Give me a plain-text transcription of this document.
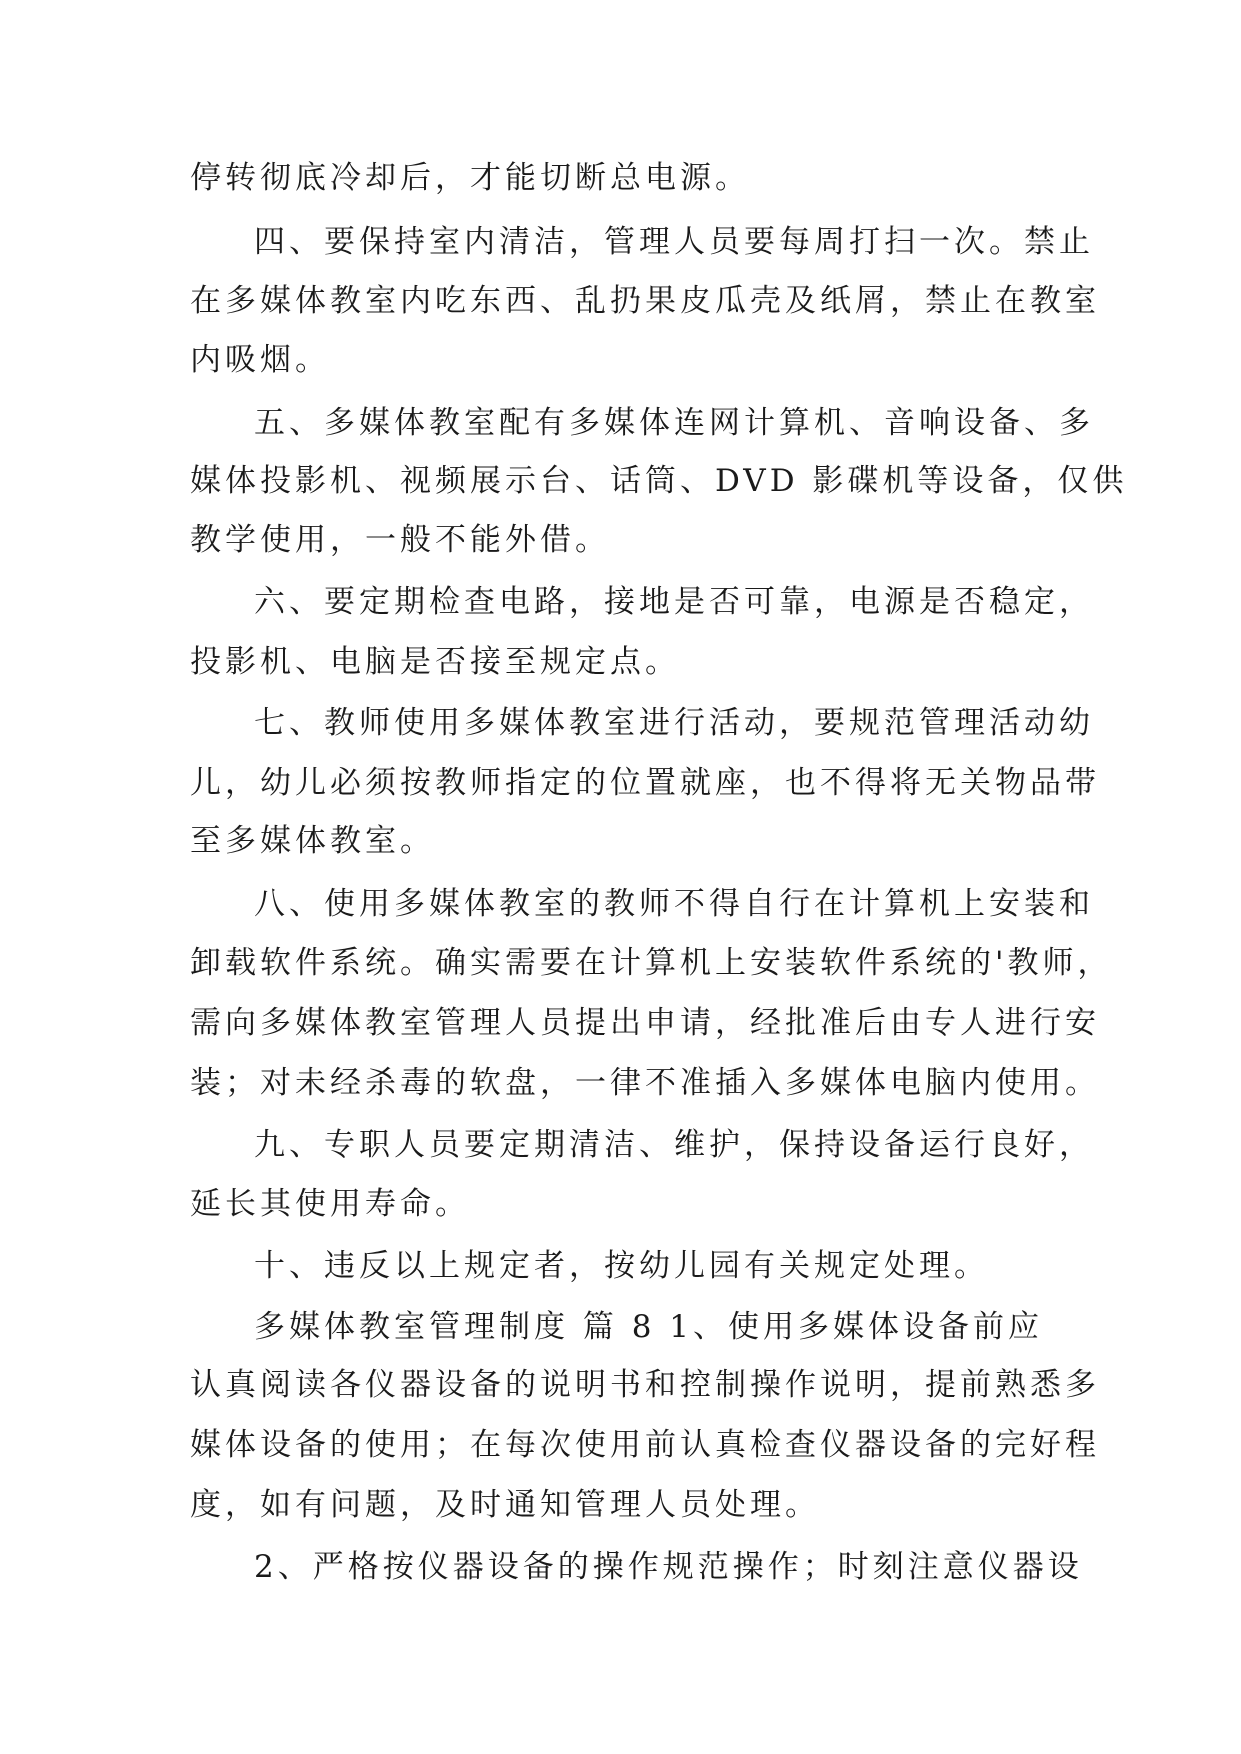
停转彻底冷却后，才能切断总电源。
四、要保持室内清洁，管理人员要每周打扫一次。禁止
在多媒体教室内吃东西、乱扔果皮瓜壳及纸屑，禁止在教室
内吸烟。
五、多媒体教室配有多媒体连网计算机、音响设备、多
媒体投影机、视频展示台、话筒、DVD 影碟机等设备，仅供
教学使用，一般不能外借。
六、要定期检查电路，接地是否可靠，电源是否稳定，
投影机、电脑是否接至规定点。
七、教师使用多媒体教室进行活动，要规范管理活动幼
儿，幼儿必须按教师指定的位置就座，也不得将无关物品带
至多媒体教室。
八、使用多媒体教室的教师不得自行在计算机上安装和
卸载软件系统。确实需要在计算机上安装软件系统的'教师，
需向多媒体教室管理人员提出申请，经批准后由专人进行安
装；对未经杀毒的软盘，一律不准插入多媒体电脑内使用。
九、专职人员要定期清洁、维护，保持设备运行良好，
延长其使用寿命。
十、违反以上规定者，按幼儿园有关规定处理。
多媒体教室管理制度 篇 8 1、使用多媒体设备前应
认真阅读各仪器设备的说明书和控制操作说明，提前熟悉多
媒体设备的使用；在每次使用前认真检查仪器设备的完好程
度，如有问题，及时通知管理人员处理。
2、严格按仪器设备的操作规范操作；时刻注意仪器设
